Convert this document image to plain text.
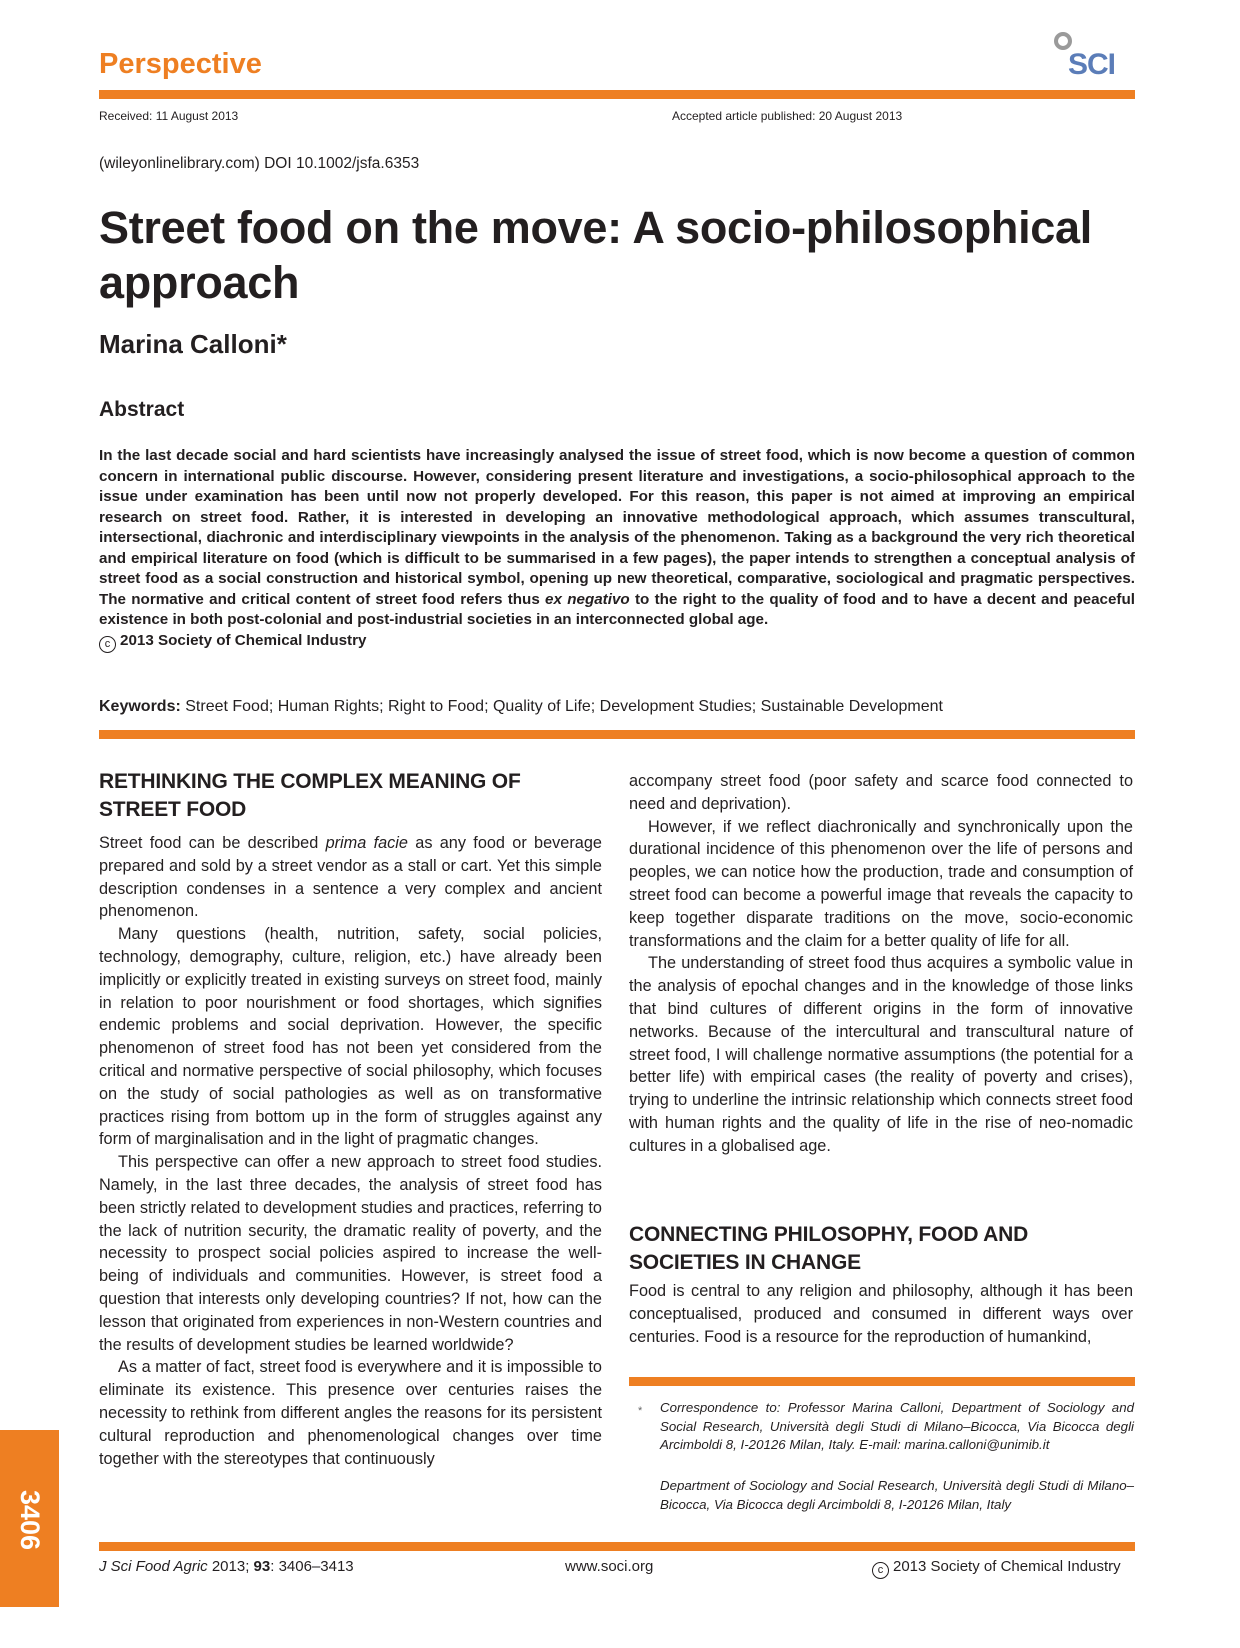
Perspective	SCI
Received: 11 August 2013	Accepted article published: 20 August 2013
(wileyonlinelibrary.com) DOI 10.1002/jsfa.6353
Street food on the move: A socio-philosophical approach
Marina Calloni*
Abstract

In the last decade social and hard scientists have increasingly analysed the issue of street food, which is now become a question of common concern in international public discourse. However, considering present literature and investigations, a socio-philosophical approach to the issue under examination has been until now not properly developed. For this reason, this paper is not aimed at improving an empirical research on street food. Rather, it is interested in developing an innovative methodological approach, which assumes transcultural, intersectional, diachronic and interdisciplinary viewpoints in the analysis of the phenomenon. Taking as a background the very rich theoretical and empirical literature on food (which is difficult to be summarised in a few pages), the paper intends to strengthen a conceptual analysis of street food as a social construction and historical symbol, opening up new theoretical, comparative, sociological and pragmatic perspectives. The normative and critical content of street food refers thus ex negativo to the right to the quality of food and to have a decent and peaceful existence in both post-colonial and post-industrial societies in an interconnected global age.

c 2013 Society of Chemical Industry

Keywords: Street Food; Human Rights; Right to Food; Quality of Life; Development Studies; Sustainable Development
RETHINKING THE COMPLEX MEANING OF STREET FOOD

Street food can be described prima facie as any food or beverage prepared and sold by a street vendor as a stall or cart. Yet this simple description condenses in a sentence a very complex and ancient phenomenon.

Many questions (health, nutrition, safety, social policies, technology, demography, culture, religion, etc.) have already been implicitly or explicitly treated in existing surveys on street food, mainly in relation to poor nourishment or food shortages, which signifies endemic problems and social deprivation. However, the specific phenomenon of street food has not been yet considered from the critical and normative perspective of social philosophy, which focuses on the study of social pathologies as well as on transformative practices rising from bottom up in the form of struggles against any form of marginalisation and in the light of pragmatic changes.

This perspective can offer a new approach to street food studies. Namely, in the last three decades, the analysis of street food has been strictly related to development studies and practices, referring to the lack of nutrition security, the dramatic reality of poverty, and the necessity to prospect social policies aspired to increase the well-being of individuals and communities. However, is street food a question that interests only developing countries? If not, how can the lesson that originated from experiences in non-Western countries and the results of development studies be learned worldwide?

As a matter of fact, street food is everywhere and it is impossible to eliminate its existence. This presence over centuries raises the necessity to rethink from different angles the reasons for its persistent cultural reproduction and phenomenological changes over time together with the stereotypes that continuously

accompany street food (poor safety and scarce food connected to need and deprivation).

However, if we reflect diachronically and synchronically upon the durational incidence of this phenomenon over the life of persons and peoples, we can notice how the production, trade and consumption of street food can become a powerful image that reveals the capacity to keep together disparate traditions on the move, socio-economic transformations and the claim for a better quality of life for all.

The understanding of street food thus acquires a symbolic value in the analysis of epochal changes and in the knowledge of those links that bind cultures of different origins in the form of innovative networks. Because of the intercultural and transcultural nature of street food, I will challenge normative assumptions (the potential for a better life) with empirical cases (the reality of poverty and crises), trying to underline the intrinsic relationship which connects street food with human rights and the quality of life in the rise of neo-nomadic cultures in a globalised age.

CONNECTING PHILOSOPHY, FOOD AND SOCIETIES IN CHANGE

Food is central to any religion and philosophy, although it has been conceptualised, produced and consumed in different ways over centuries. Food is a resource for the reproduction of humankind,

* Correspondence to: Professor Marina Calloni, Department of Sociology and Social Research, Università degli Studi di Milano–Bicocca, Via Bicocca degli Arcimboldi 8, I-20126 Milan, Italy. E-mail: marina.calloni@unimib.it

Department of Sociology and Social Research, Università degli Studi di Milano–Bicocca, Via Bicocca degli Arcimboldi 8, I-20126 Milan, Italy

3406
J Sci Food Agric 2013; 93: 3406–3413	www.soci.org	c 2013 Society of Chemical Industry
